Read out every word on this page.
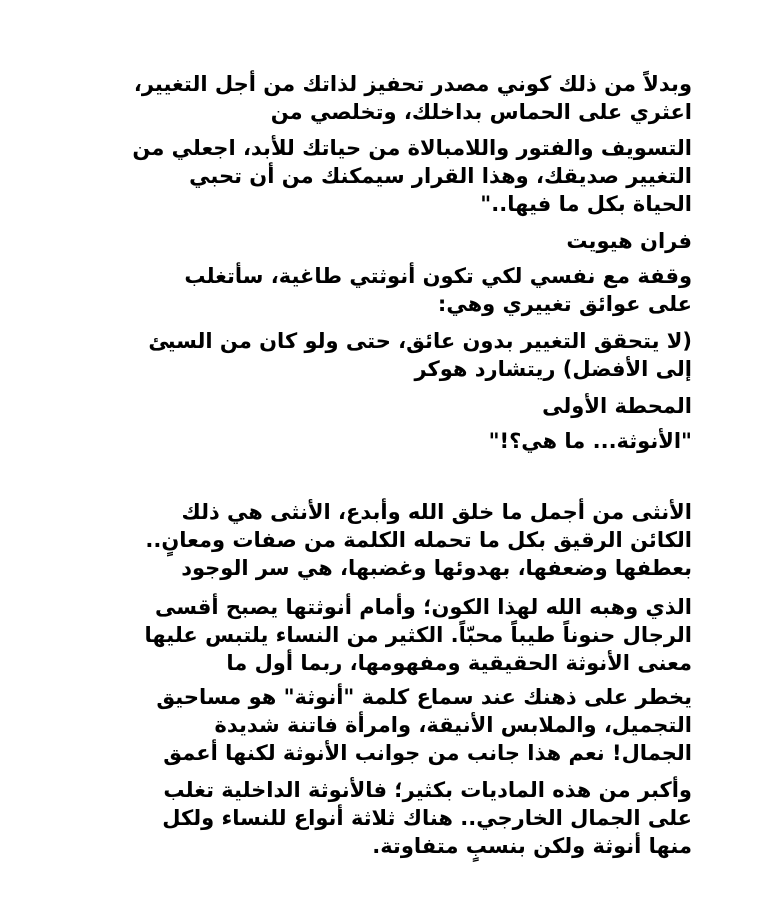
وبدلاً من ذلك كوني مصدر تحفيز لذاتك من أجل التغيير،
اعثري على الحماس بداخلك، وتخلصي من
التسويف والفتور واللامبالاة من حياتك للأبد، اجعلي من
التغيير صديقك، وهذا القرار سيمكنك من أن تحبي
الحياة بكل ما فيها.."
فران هيويت
وقفة مع نفسي لكي تكون أنوثتي طاغية، سأتغلب
على عوائق تغييري وهي:
(لا يتحقق التغيير بدون عائق، حتى ولو كان من السيئ
إلى الأفضل) ريتشارد هوكر
المحطة الأولى
"الأنوثة... ما هي؟!"
الأنثى من أجمل ما خلق الله وأبدع، الأنثى هي ذلك
الكائن الرقيق بكل ما تحمله الكلمة من صفات ومعانٍ..
بعطفها وضعفها، بهدوئها وغضبها، هي سر الوجود
الذي وهبه الله لهذا الكون؛ وأمام أنوثتها يصبح أقسى
الرجال حنوناً طيباً محبّاً. الكثير من النساء يلتبس عليها
معنى الأنوثة الحقيقية ومفهومها، ربما أول ما
يخطر على ذهنك عند سماع كلمة "أنوثة" هو مساحيق
التجميل، والملابس الأنيقة، وامرأة فاتنة شديدة
الجمال! نعم هذا جانب من جوانب الأنوثة لكنها أعمق
وأكبر من هذه الماديات بكثير؛ فالأنوثة الداخلية تغلب
على الجمال الخارجي.. هناك ثلاثة أنواع للنساء ولكل
منها أنوثة ولكن بنسبٍ متفاوتة.
